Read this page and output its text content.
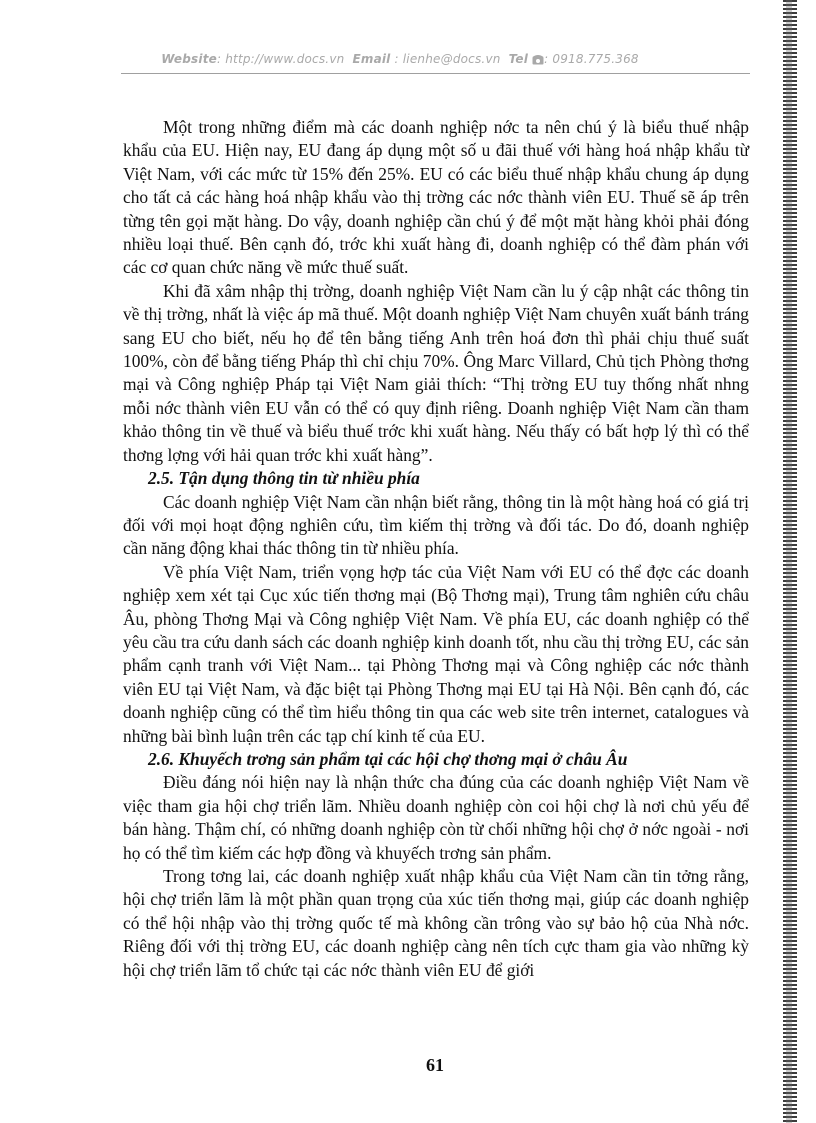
Website: http://www.docs.vn Email : lienhe@docs.vn Tel : 0918.775.368

Một trong những điểm mà các doanh nghiệp nớc ta nên chú ý là biểu thuế nhập khẩu của EU. Hiện nay, EU đang áp dụng một số u đãi thuế với hàng hoá nhập khẩu từ Việt Nam, với các mức từ 15% đến 25%. EU có các biểu thuế nhập khẩu chung áp dụng cho tất cả các hàng hoá nhập khẩu vào thị trờng các nớc thành viên EU. Thuế sẽ áp trên từng tên gọi mặt hàng. Do vậy, doanh nghiệp cần chú ý để một mặt hàng khỏi phải đóng nhiều loại thuế. Bên cạnh đó, trớc khi xuất hàng đi, doanh nghiệp có thể đàm phán với các cơ quan chức năng về mức thuế suất.

Khi đã xâm nhập thị trờng, doanh nghiệp Việt Nam cần lu ý cập nhật các thông tin về thị trờng, nhất là việc áp mã thuế. Một doanh nghiệp Việt Nam chuyên xuất bánh tráng sang EU cho biết, nếu họ để tên bằng tiếng Anh trên hoá đơn thì phải chịu thuế suất 100%, còn để bằng tiếng Pháp thì chỉ chịu 70%. Ông Marc Villard, Chủ tịch Phòng thơng mại và Công nghiệp Pháp tại Việt Nam giải thích: “Thị trờng EU tuy thống nhất nhng mỗi nớc thành viên EU vẫn có thể có quy định riêng. Doanh nghiệp Việt Nam cần tham khảo thông tin về thuế và biểu thuế trớc khi xuất hàng. Nếu thấy có bất hợp lý thì có thể thơng lợng với hải quan trớc khi xuất hàng”.

2.5. Tận dụng thông tin từ nhiều phía

Các doanh nghiệp Việt Nam cần nhận biết rằng, thông tin là một hàng hoá có giá trị đối với mọi hoạt động nghiên cứu, tìm kiếm thị trờng và đối tác. Do đó, doanh nghiệp cần năng động khai thác thông tin từ nhiều phía.

Về phía Việt Nam, triển vọng hợp tác của Việt Nam với EU có thể đợc các doanh nghiệp xem xét tại Cục xúc tiến thơng mại (Bộ Thơng mại), Trung tâm nghiên cứu châu Âu, phòng Thơng Mại và Công nghiệp Việt Nam. Về phía EU, các doanh nghiệp có thể yêu cầu tra cứu danh sách các doanh nghiệp kinh doanh tốt, nhu cầu thị trờng EU, các sản phẩm cạnh tranh với Việt Nam... tại Phòng Thơng mại và Công nghiệp các nớc thành viên EU tại Việt Nam, và đặc biệt tại Phòng Thơng mại EU tại Hà Nội. Bên cạnh đó, các doanh nghiệp cũng có thể tìm hiểu thông tin qua các web site trên internet, catalogues và những bài bình luận trên các tạp chí kinh tế của EU.

2.6. Khuyếch trơng sản phẩm tại các hội chợ thơng mại ở châu Âu

Điều đáng nói hiện nay là nhận thức cha đúng của các doanh nghiệp Việt Nam về việc tham gia hội chợ triển lãm. Nhiều doanh nghiệp còn coi hội chợ là nơi chủ yếu để bán hàng. Thậm chí, có những doanh nghiệp còn từ chối những hội chợ ở nớc ngoài - nơi họ có thể tìm kiếm các hợp đồng và khuyếch trơng sản phẩm.

Trong tơng lai, các doanh nghiệp xuất nhập khẩu của Việt Nam cần tin tởng rằng, hội chợ triển lãm là một phần quan trọng của xúc tiến thơng mại, giúp các doanh nghiệp có thể hội nhập vào thị trờng quốc tế mà không cần trông vào sự bảo hộ của Nhà nớc. Riêng đối với thị trờng EU, các doanh nghiệp càng nên tích cực tham gia vào những kỳ hội chợ triển lãm tổ chức tại các nớc thành viên EU để giới

61
